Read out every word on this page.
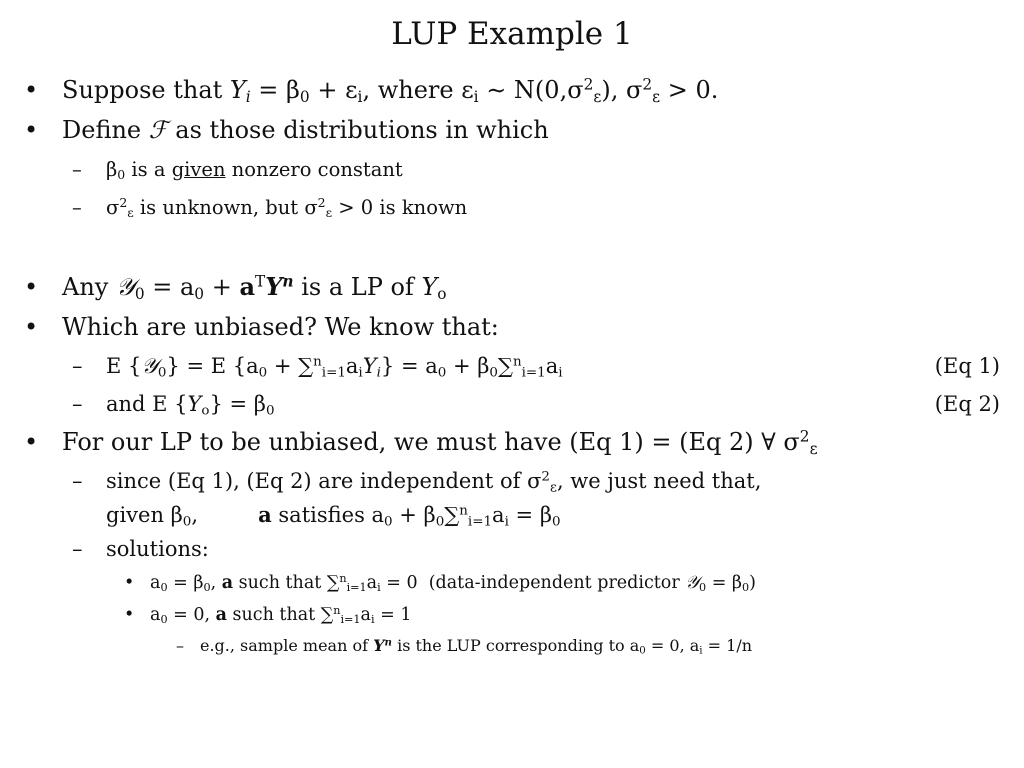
LUP Example 1
• Suppose that $Y_i = \beta_0 + \varepsilon_i$, where $\varepsilon_i$ ∼ $N(0,\sigma^2_\varepsilon)$, $\sigma^2_\varepsilon > 0$.
• Define ℱ as those distributions in which
– $\beta_0$ is a given nonzero constant
– $\sigma^2_\varepsilon$ is unknown, but $\sigma^2_\varepsilon > 0$ is known
• Any 𝒴$_0$ = $a_0 + a^TY^n$ is a LP of $Y_o$
• Which are unbiased? We know that:
– E {𝒴$_0$} = E $\{a_0 + \sum^n_{i=1}a_iY_i\} = a_0 + \beta_0\sum^n_{i=1}a_i$	(Eq 1)
– and E $\{Y_o\} = \beta_0$	(Eq 2)
• For our LP to be unbiased, we must have (Eq 1) = (Eq 2) ∀ $\sigma^2_\varepsilon$
– since (Eq 1), (Eq 2) are independent of $\sigma^2_\varepsilon$, we just need that,
given $\beta_0$,         a satisfies $a_0 + \beta_0\sum^n_{i=1}a_i = \beta_0$
– solutions:
• $a_0 = \beta_0$, a such that $\sum^n_{i=1}a_i = 0$  (data-independent predictor 𝒴$_0$ = $\beta_0$)
• $a_0 = 0$, a such that $\sum^n_{i=1}a_i = 1$
– e.g., sample mean of $Y^n$ is the LUP corresponding to $a_0 = 0$, $a_i = 1/n$
